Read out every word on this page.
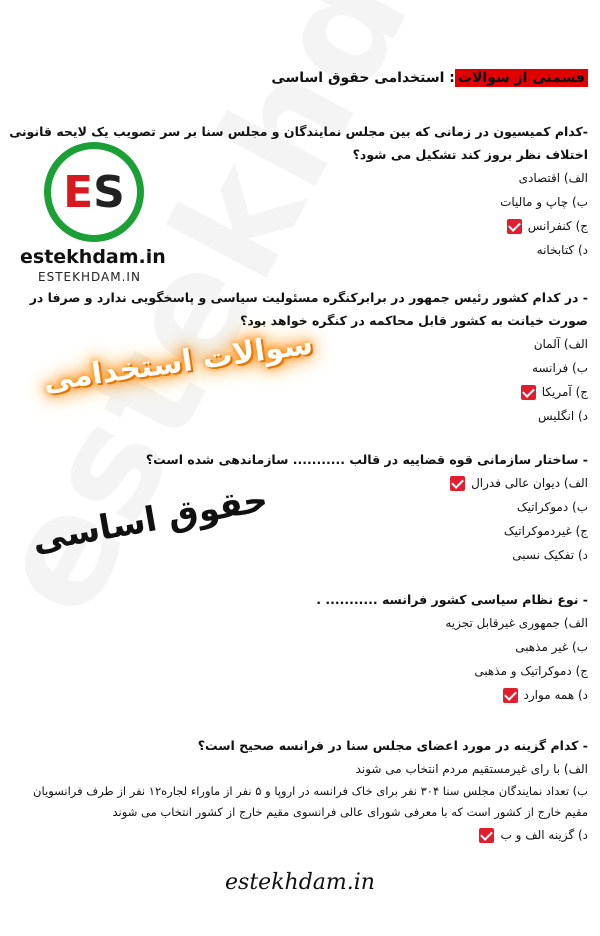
قسمتی از سوالات: استخدامی حقوق اساسی
-کدام کمیسیون در زمانی که بین مجلس نمایندگان و مجلس سنا بر سر تصویب یک لایحه قانونی اختلاف نظر بروز کند تشکیل می شود؟
الف) اقتصادی
ب) چاپ و مالیات
ج) کنفرانس
د) کتابخانه
- در کدام کشور رئیس جمهور در برابرکنگره مسئولیت سیاسی و پاسخگویی ندارد و صرفا در صورت خیانت به کشور قابل محاکمه در کنگره خواهد بود؟
الف) آلمان
ب) فرانسه
ج) آمریکا
د) انگلیس
- ساختار سازمانی قوه قضاییه در قالب ........... سازماندهی شده است؟
الف) دیوان عالی فدرال
ب) دموکراتیک
ج) غیردموکراتیک
د) تفکیک نسبی
- نوع نظام سیاسی کشور فرانسه ........... .
الف) جمهوری غیرقابل تجزیه
ب) غیر مذهبی
ج) دموکراتیک و مذهبی
د) همه موارد
- کدام گزینه در مورد اعضای مجلس سنا در فرانسه صحیح است؟
الف) با رای غیرمستقیم مردم انتخاب می شوند
ب) تعداد نمایندگان مجلس سنا ۳۰۴ نفر برای خاک فرانسه در اروپا و ۵ نفر از ماوراء لجاره۱۲ نفر از طرف فرانسویان مقیم خارج از کشور است که با معرفی شورای عالی فرانسوی مقیم خارج از کشور انتخاب می شوند
د) گزینه الف و ب
E S
estekhdam.in
ESTEKHDAM.IN
سوالات استخدامی
حقوق اساسی
estekhdam.in
